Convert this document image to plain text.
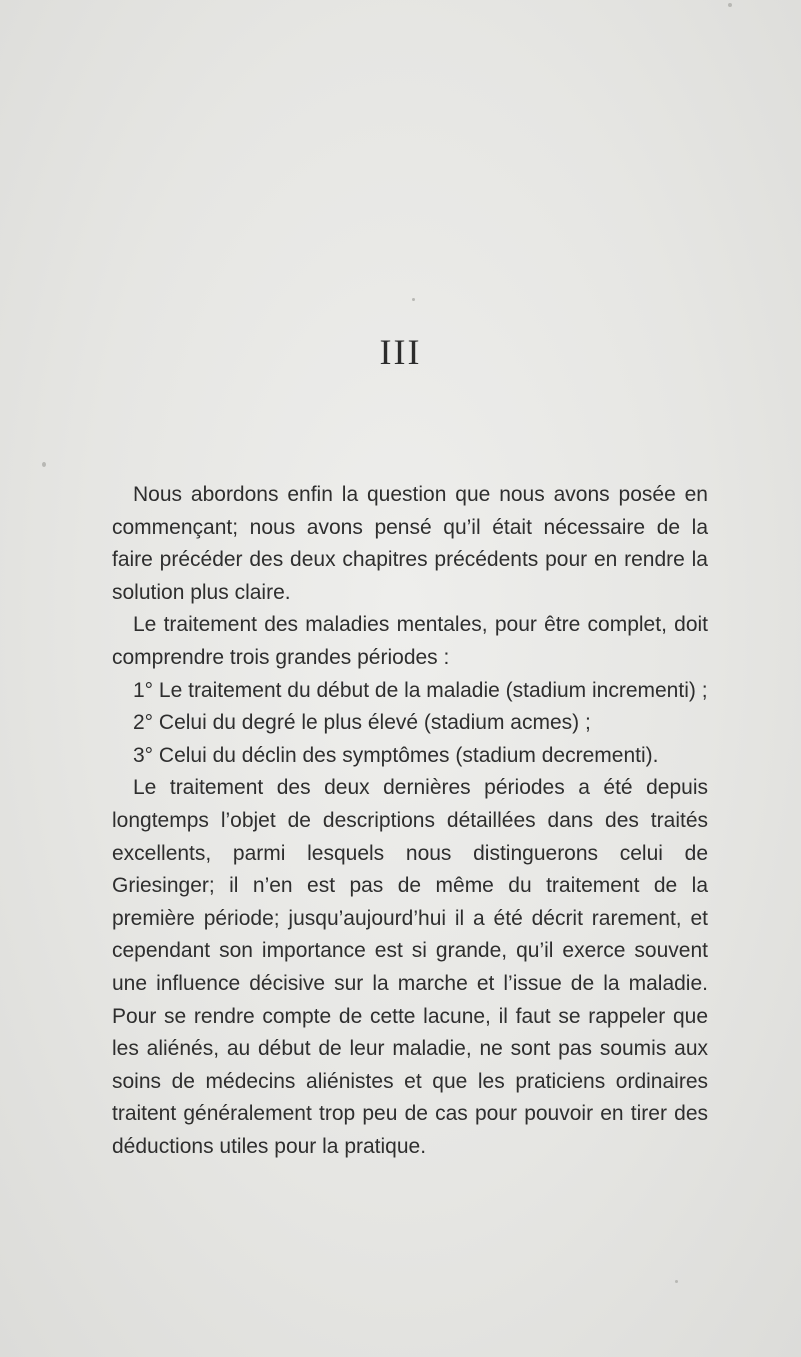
III

Nous abordons enfin la question que nous avons posée en commençant; nous avons pensé qu’il était nécessaire de la faire précéder des deux chapitres précédents pour en rendre la solution plus claire.

Le traitement des maladies mentales, pour être complet, doit comprendre trois grandes périodes :

1° Le traitement du début de la maladie (stadium incrementi) ;

2° Celui du degré le plus élevé (stadium acmes) ;

3° Celui du déclin des symptômes (stadium decrementi).

Le traitement des deux dernières périodes a été depuis longtemps l’objet de descriptions détaillées dans des traités excellents, parmi lesquels nous distinguerons celui de Griesinger; il n’en est pas de même du traitement de la première période; jusqu’aujourd’hui il a été décrit rarement, et cependant son importance est si grande, qu’il exerce souvent une influence décisive sur la marche et l’issue de la maladie. Pour se rendre compte de cette lacune, il faut se rappeler que les aliénés, au début de leur maladie, ne sont pas soumis aux soins de médecins aliénistes et que les praticiens ordinaires traitent généralement trop peu de cas pour pouvoir en tirer des déductions utiles pour la pratique.
